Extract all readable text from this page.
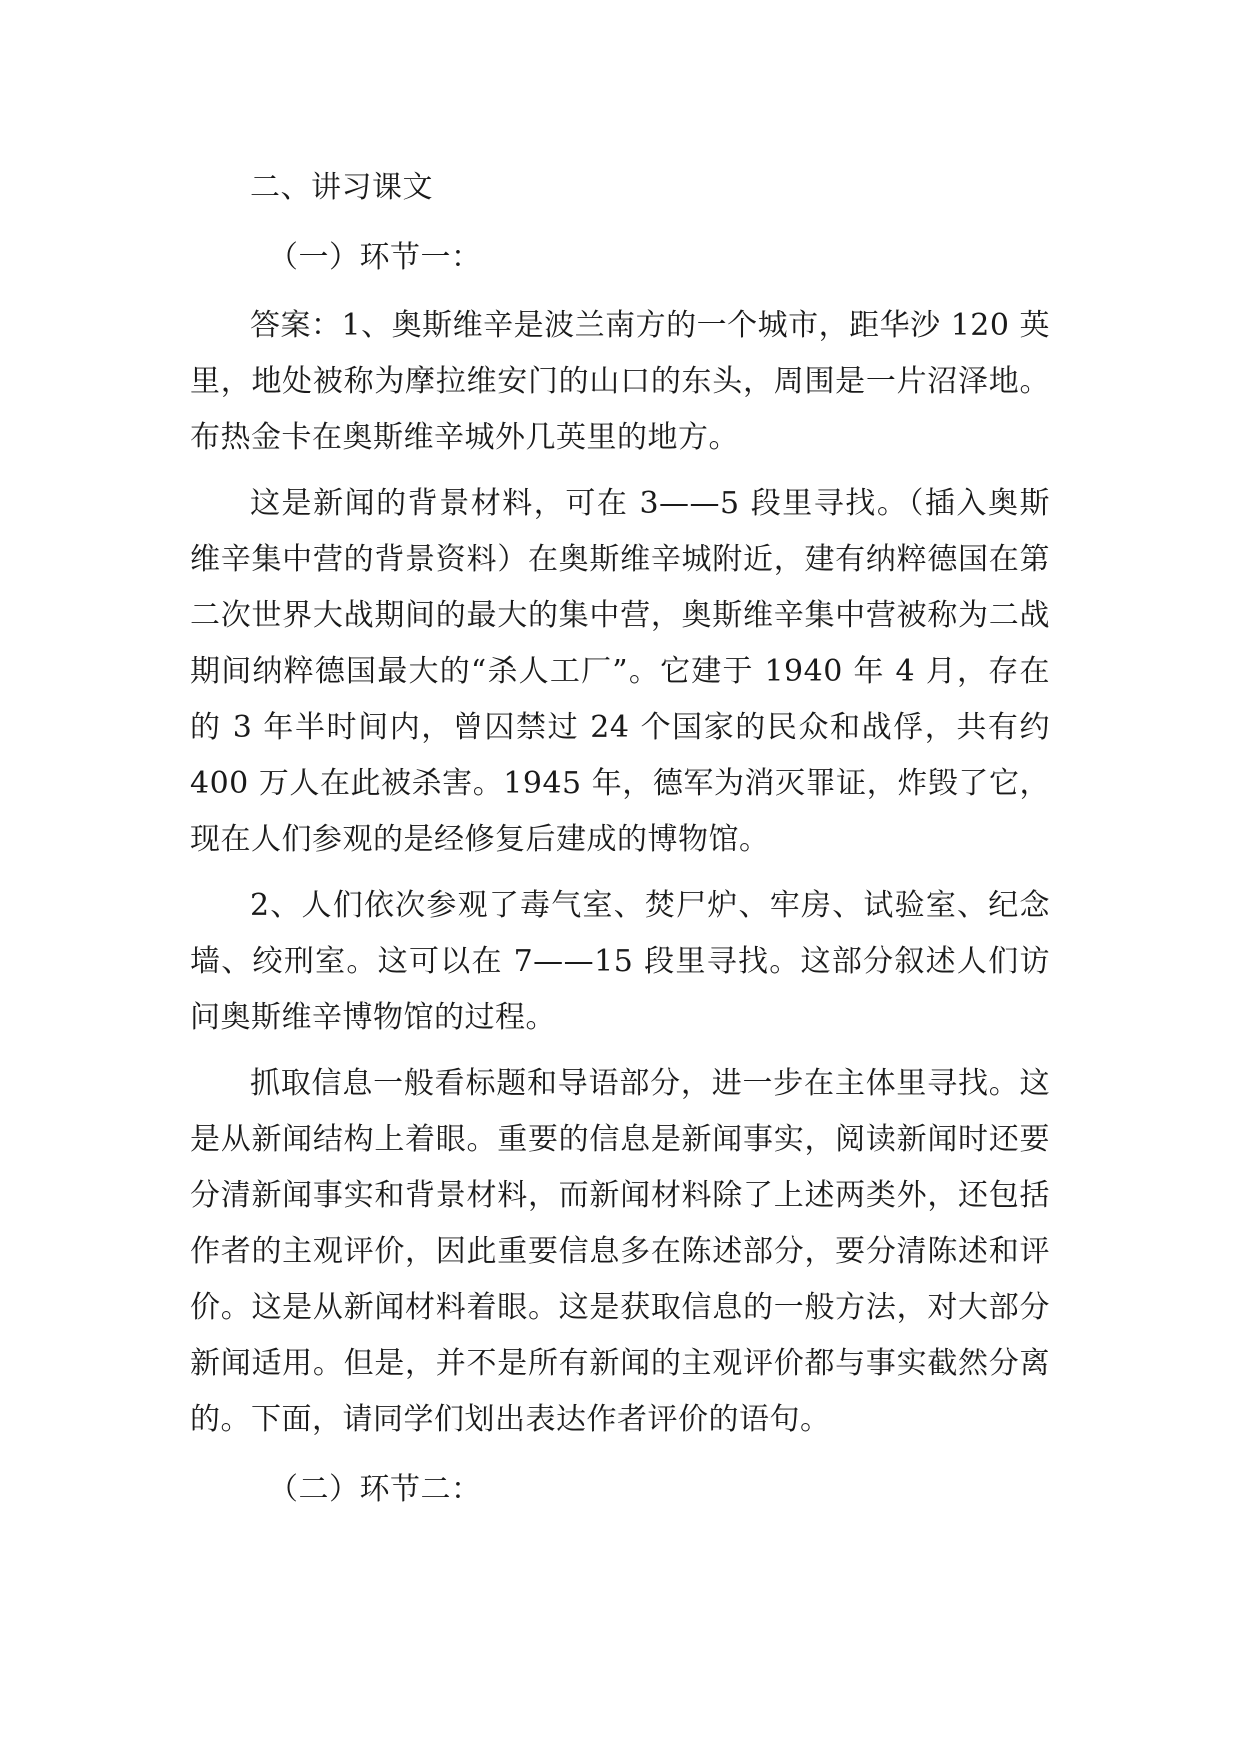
二、讲习课文

（一）环节一：

答案：1、奥斯维辛是波兰南方的一个城市，距华沙 120 英里，地处被称为摩拉维安门的山口的东头，周围是一片沼泽地。布热金卡在奥斯维辛城外几英里的地方。

这是新闻的背景材料，可在 3——5 段里寻找。（插入奥斯维辛集中营的背景资料）在奥斯维辛城附近，建有纳粹德国在第二次世界大战期间的最大的集中营，奥斯维辛集中营被称为二战期间纳粹德国最大的“杀人工厂”。它建于 1940 年 4 月，存在的 3 年半时间内，曾囚禁过 24 个国家的民众和战俘，共有约 400 万人在此被杀害。1945 年，德军为消灭罪证，炸毁了它，现在人们参观的是经修复后建成的博物馆。

2、人们依次参观了毒气室、焚尸炉、牢房、试验室、纪念墙、绞刑室。这可以在 7——15 段里寻找。这部分叙述人们访问奥斯维辛博物馆的过程。

抓取信息一般看标题和导语部分，进一步在主体里寻找。这是从新闻结构上着眼。重要的信息是新闻事实，阅读新闻时还要分清新闻事实和背景材料，而新闻材料除了上述两类外，还包括作者的主观评价，因此重要信息多在陈述部分，要分清陈述和评价。这是从新闻材料着眼。这是获取信息的一般方法，对大部分新闻适用。但是，并不是所有新闻的主观评价都与事实截然分离的。下面，请同学们划出表达作者评价的语句。

（二）环节二：
